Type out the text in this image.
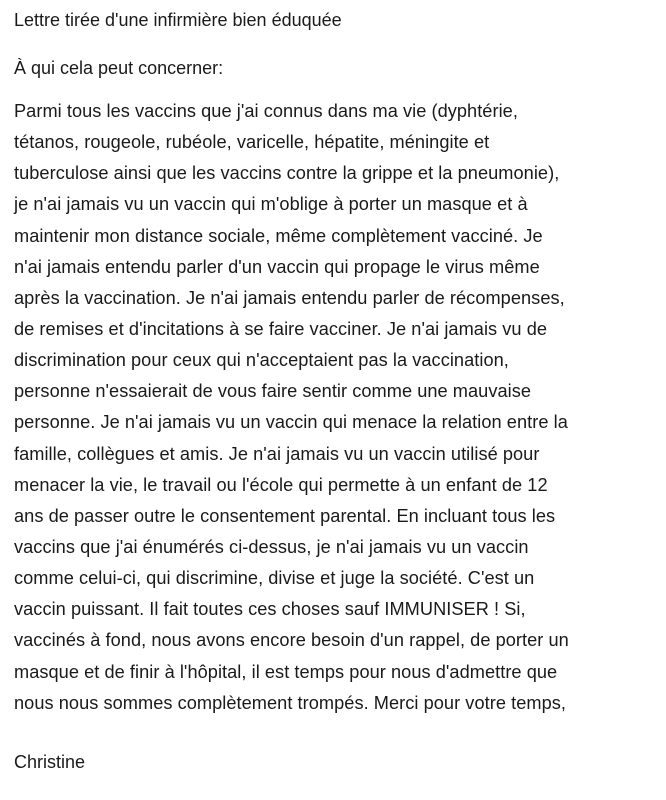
Lettre tirée d'une infirmière bien éduquée
À qui cela peut concerner:
Parmi tous les vaccins que j'ai connus dans ma vie (dyphtérie,
tétanos, rougeole, rubéole, varicelle, hépatite, méningite et
tuberculose ainsi que les vaccins contre la grippe et la pneumonie),
je n'ai jamais vu un vaccin qui m'oblige à porter un masque et à
maintenir mon distance sociale, même complètement vacciné. Je
n'ai jamais entendu parler d'un vaccin qui propage le virus même
après la vaccination. Je n'ai jamais entendu parler de récompenses,
de remises et d'incitations à se faire vacciner. Je n'ai jamais vu de
discrimination pour ceux qui n'acceptaient pas la vaccination,
personne n'essaierait de vous faire sentir comme une mauvaise
personne. Je n'ai jamais vu un vaccin qui menace la relation entre la
famille, collègues et amis. Je n'ai jamais vu un vaccin utilisé pour
menacer la vie, le travail ou l'école qui permette à un enfant de 12
ans de passer outre le consentement parental. En incluant tous les
vaccins que j'ai énumérés ci-dessus, je n'ai jamais vu un vaccin
comme celui-ci, qui discrimine, divise et juge la société. C'est un
vaccin puissant. Il fait toutes ces choses sauf IMMUNISER ! Si,
vaccinés à fond, nous avons encore besoin d'un rappel, de porter un
masque et de finir à l'hôpital, il est temps pour nous d'admettre que
nous nous sommes complètement trompés. Merci pour votre temps,
Christine
